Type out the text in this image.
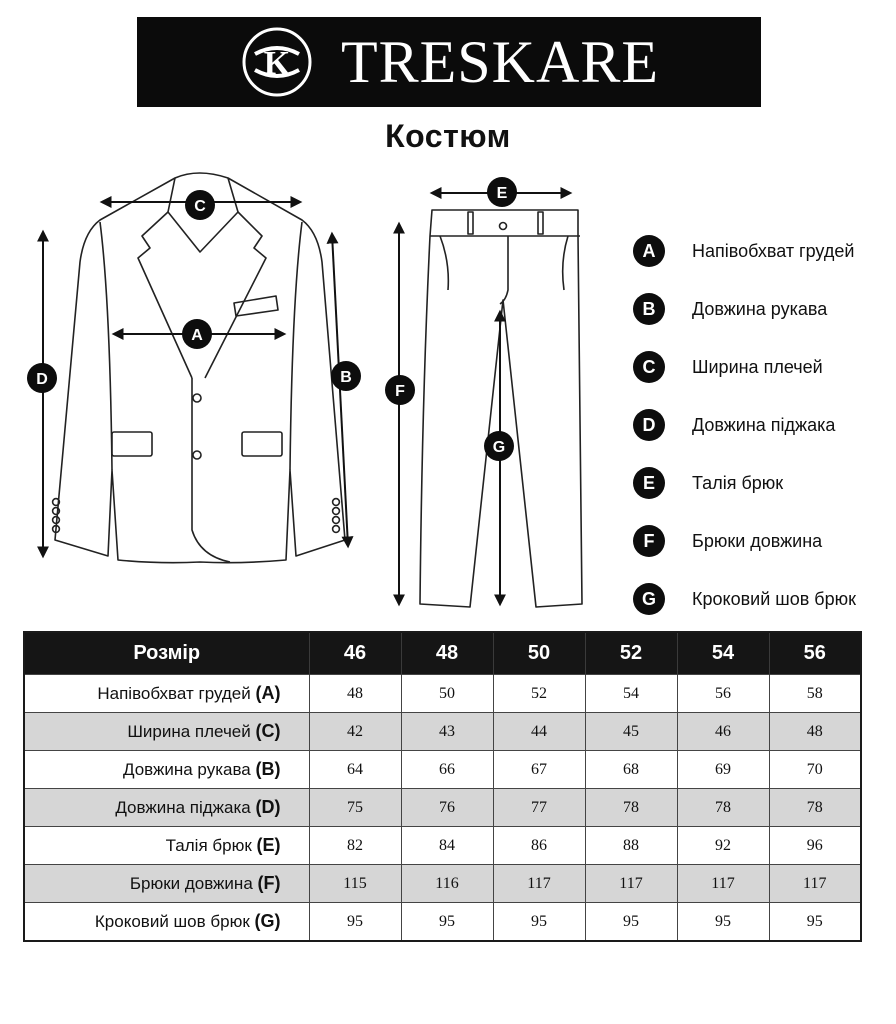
K TRESKARE
Костюм
C
A
D	B
E
F
G
A	Напівобхват грудей
B	Довжина рукава
C	Ширина плечей
D	Довжина піджака
E	Талія брюк
F	Брюки довжина
G	Кроковий шов брюк
Розмір	46	48	50	52	54	56
Напівобхват грудей (A)	48	50	52	54	56	58
Ширина плечей (C)	42	43	44	45	46	48
Довжина рукава (B)	64	66	67	68	69	70
Довжина піджака (D)	75	76	77	78	78	78
Талія брюк (E)	82	84	86	88	92	96
Брюки довжина (F)	115	116	117	117	117	117
Кроковий шов брюк (G)	95	95	95	95	95	95
